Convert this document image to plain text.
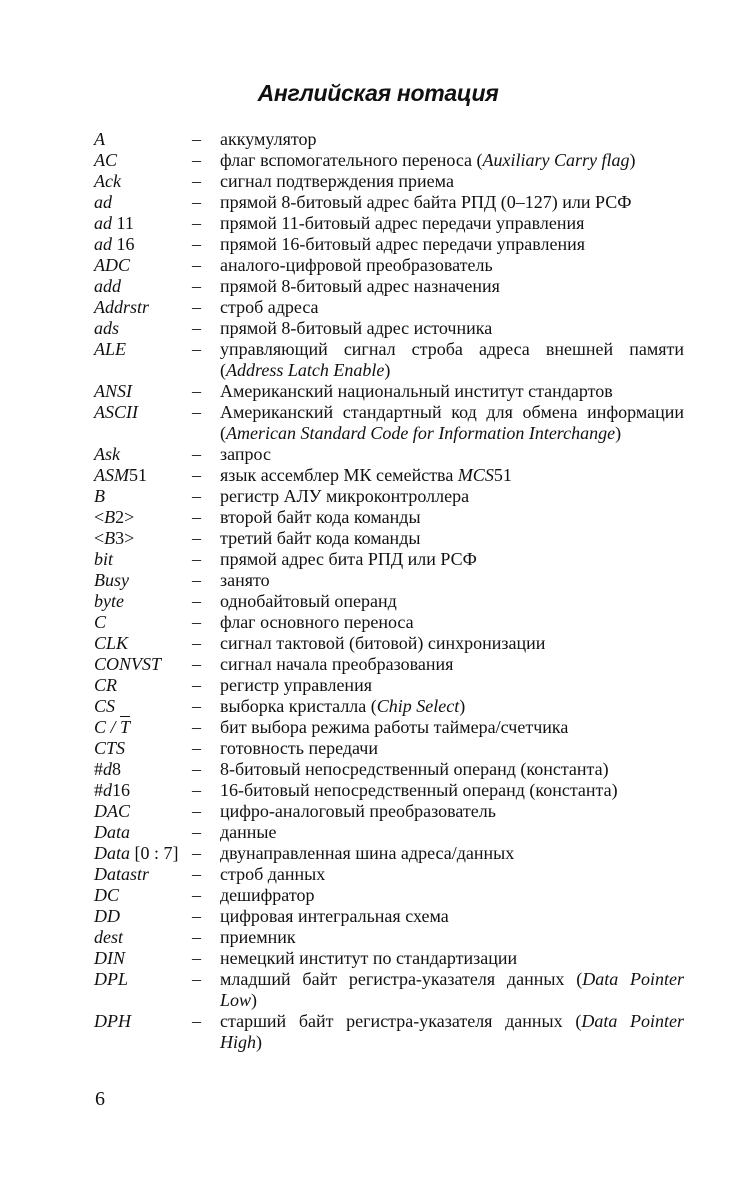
Английская нотация
A	–	аккумулятор
AC	–	флаг вспомогательного переноса (Auxiliary Carry flag)
Ack	–	сигнал подтверждения приема
ad	–	прямой 8-битовый адрес байта РПД (0–127) или РСФ
ad 11	–	прямой 11-битовый адрес передачи управления
ad 16	–	прямой 16-битовый адрес передачи управления
ADC	–	аналого-цифровой преобразователь
add	–	прямой 8-битовый адрес назначения
Addrstr	–	строб адреса
ads	–	прямой 8-битовый адрес источника
ALE	–	управляющий сигнал строба адреса внешней памяти (Address Latch Enable)
ANSI	–	Американский национальный институт стандартов
ASCII	–	Американский стандартный код для обмена информации (American Standard Code for Information Interchange)
Ask	–	запрос
ASM51	–	язык ассемблер МК семейства MCS51
B	–	регистр АЛУ микроконтроллера
<B2>	–	второй байт кода команды
<B3>	–	третий байт кода команды
bit	–	прямой адрес бита РПД или РСФ
Busy	–	занято
byte	–	однобайтовый операнд
C	–	флаг основного переноса
CLK	–	сигнал тактовой (битовой) синхронизации
CONVST	–	сигнал начала преобразования
CR	–	регистр управления
CS	–	выборка кристалла (Chip Select)
C / $\overline{T}$	–	бит выбора режима работы таймера/счетчика
CTS	–	готовность передачи
#d8	–	8-битовый непосредственный операнд (константа)
#d16	–	16-битовый непосредственный операнд (константа)
DAC	–	цифро-аналоговый преобразователь
Data	–	данные
Data [0 : 7] –	двунаправленная шина адреса/данных
Datastr	–	строб данных
DC	–	дешифратор
DD	–	цифровая интегральная схема
dest	–	приемник
DIN	–	немецкий институт по стандартизации
DPL	–	младший байт регистра-указателя данных (Data Pointer Low)
DPH	–	старший байт регистра-указателя данных (Data Pointer High)
6
